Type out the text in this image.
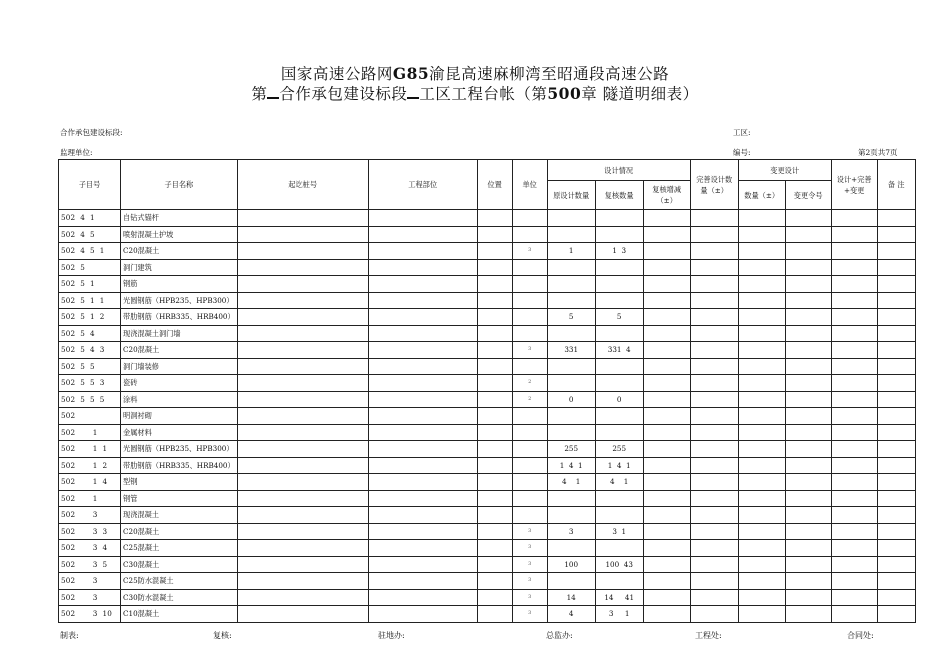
国家高速公路网G85渝昆高速麻柳湾至昭通段高速公路
第 合作承包建设标段 工区工程台帐（第500章 隧道明细表）
合作承包建设标段:	工区:
监理单位:	编号:	第2页共7页
子目号	子目名称	起讫桩号	工程部位	位置	单位	设计情况			完善设计数量（±）	变更设计		设计+完善+变更	备 注
						原设计数量	复核数量	复核增减（±）		数量（±）	变更令号		
502  4  1	自钻式锚杆												
502  4  5	喷射混凝土护坡												
502  4  5  1	C20混凝土				3	1	1  3						
502  5	洞门建筑												
502  5  1	钢筋												
502  5  1  1	光圆钢筋（HPB235、HPB300）												
502  5  1  2	带肋钢筋（HRB335、HRB400）					5	5						
502  5  4	现浇混凝土洞门墙												
502  5  4  3	C20混凝土				3	331	331  4						
502  5  5	洞门墙装修												
502  5  5  3	瓷砖				2								
502  5  5  5	涂料				2	0	0						
502	明洞衬砌												
502       1	金属材料												
502       1  1	光圆钢筋（HPB235、HPB300）					255	255						
502       1  2	带肋钢筋（HRB335、HRB400）					1  4  1	1  4  1						
502       1  4	型钢					4    1	4    1						
502       1	钢管												
502       3	现浇混凝土												
502       3  3	C20混凝土				3	3	3  1						
502       3  4	C25混凝土				3								
502       3  5	C30混凝土				3	100	100  43						
502       3	C25防水混凝土				3								
502       3	C30防水混凝土				3	14	14     41						
502       3  10	C10混凝土				3	4	3     1						
制表:	复核:	驻地办:	总监办:	工程处:	合同处:
